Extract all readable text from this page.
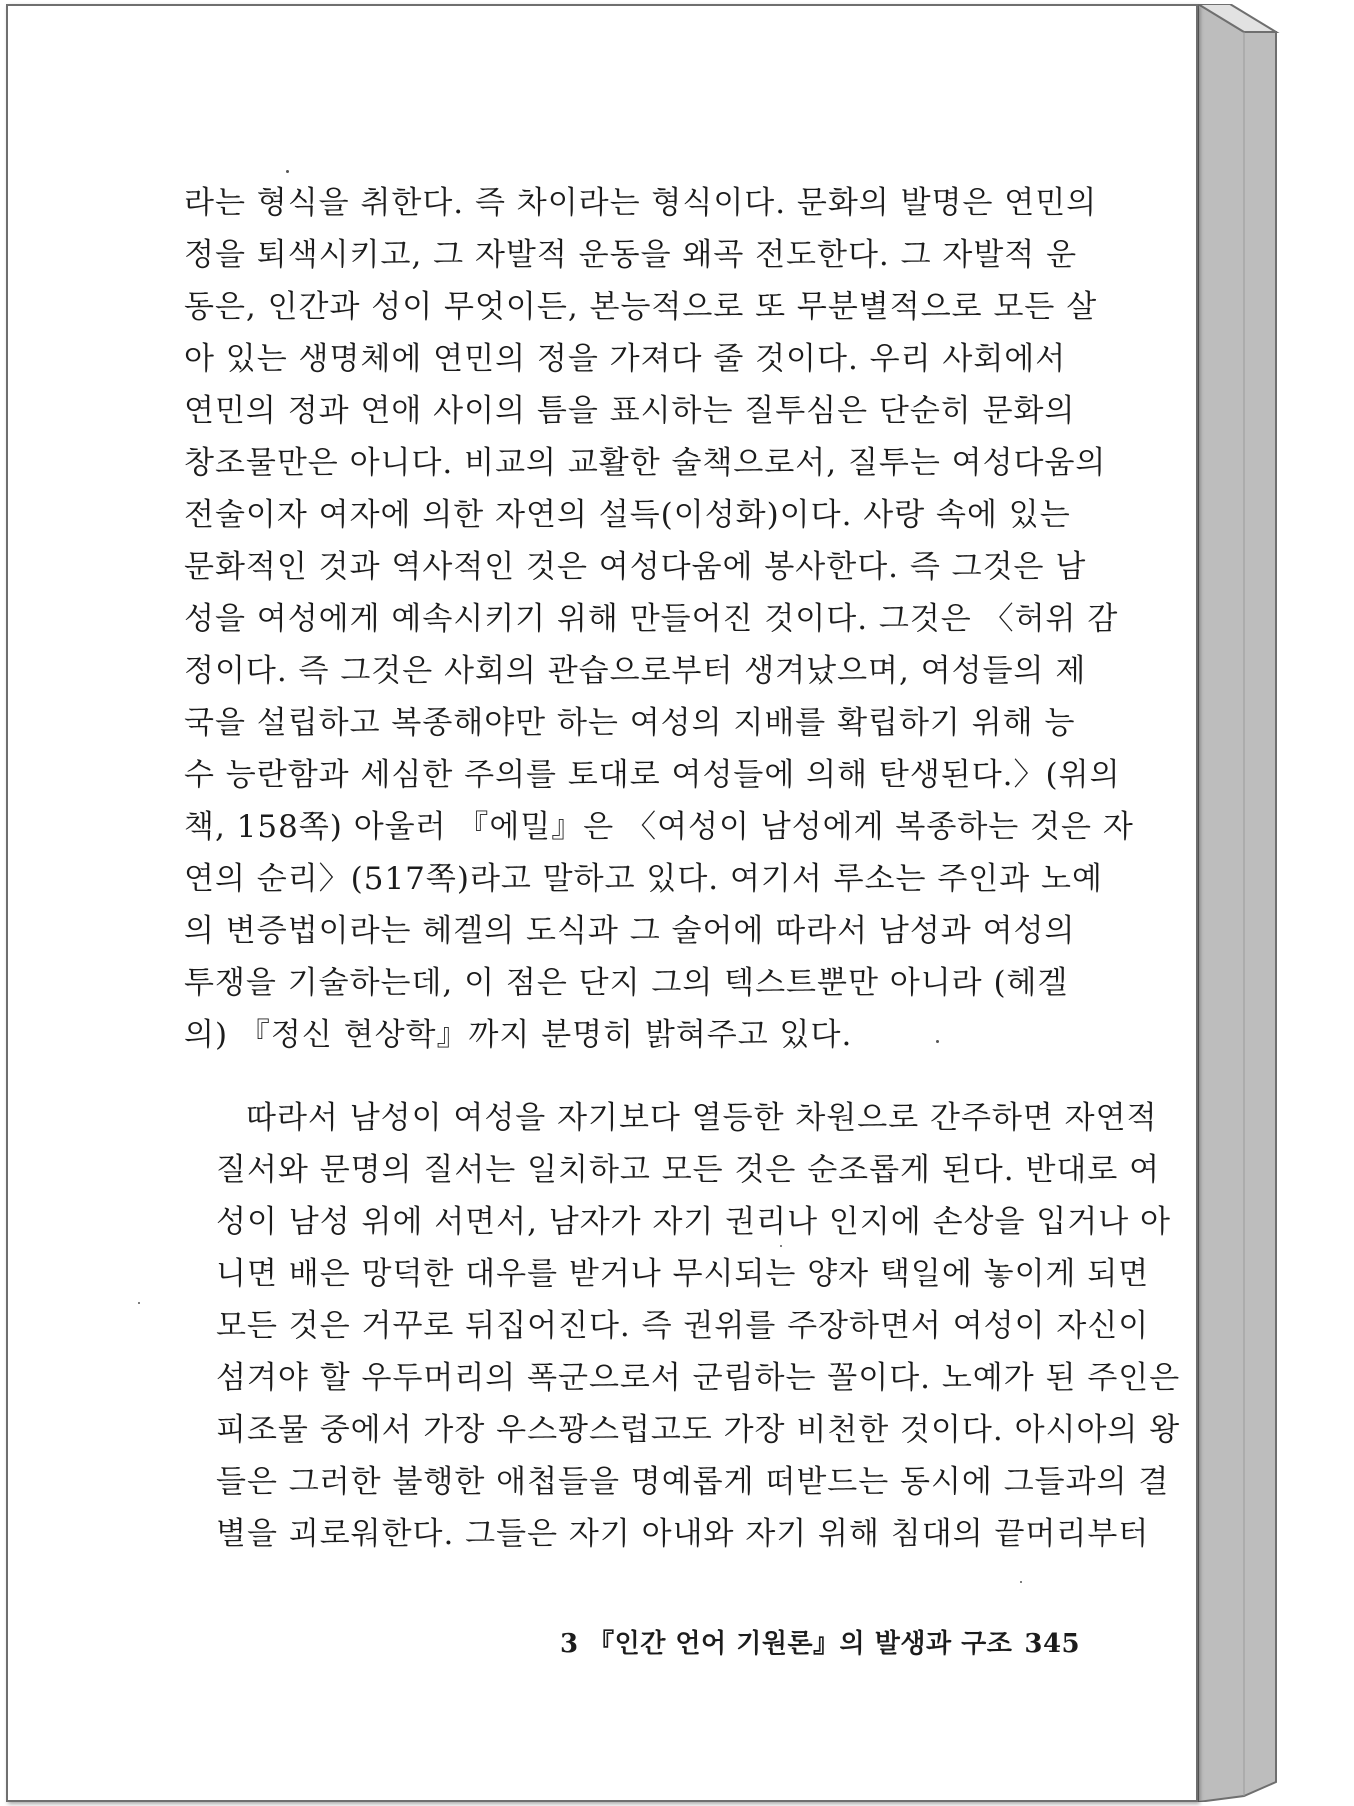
라는 형식을 취한다. 즉 차이라는 형식이다. 문화의 발명은 연민의
정을 퇴색시키고, 그 자발적 운동을 왜곡 전도한다. 그 자발적 운
동은, 인간과 성이 무엇이든, 본능적으로 또 무분별적으로 모든 살
아 있는 생명체에 연민의 정을 가져다 줄 것이다. 우리 사회에서
연민의 정과 연애 사이의 틈을 표시하는 질투심은 단순히 문화의
창조물만은 아니다. 비교의 교활한 술책으로서, 질투는 여성다움의
전술이자 여자에 의한 자연의 설득(이성화)이다. 사랑 속에 있는
문화적인 것과 역사적인 것은 여성다움에 봉사한다. 즉 그것은 남
성을 여성에게 예속시키기 위해 만들어진 것이다. 그것은 〈허위 감
정이다. 즉 그것은 사회의 관습으로부터 생겨났으며, 여성들의 제
국을 설립하고 복종해야만 하는 여성의 지배를 확립하기 위해 능
수 능란함과 세심한 주의를 토대로 여성들에 의해 탄생된다.〉(위의
책, 158쪽) 아울러 『에밀』은 〈여성이 남성에게 복종하는 것은 자
연의 순리〉(517쪽)라고 말하고 있다. 여기서 루소는 주인과 노예
의 변증법이라는 헤겔의 도식과 그 술어에 따라서 남성과 여성의
투쟁을 기술하는데, 이 점은 단지 그의 텍스트뿐만 아니라 (헤겔
의) 『정신 현상학』까지 분명히 밝혀주고 있다.
따라서 남성이 여성을 자기보다 열등한 차원으로 간주하면 자연적
질서와 문명의 질서는 일치하고 모든 것은 순조롭게 된다. 반대로 여
성이 남성 위에 서면서, 남자가 자기 권리나 인지에 손상을 입거나 아
니면 배은 망덕한 대우를 받거나 무시되는 양자 택일에 놓이게 되면
모든 것은 거꾸로 뒤집어진다. 즉 권위를 주장하면서 여성이 자신이
섬겨야 할 우두머리의 폭군으로서 군림하는 꼴이다. 노예가 된 주인은
피조물 중에서 가장 우스꽝스럽고도 가장 비천한 것이다. 아시아의 왕
들은 그러한 불행한 애첩들을 명예롭게 떠받드는 동시에 그들과의 결
별을 괴로워한다. 그들은 자기 아내와 자기 위해 침대의 끝머리부터
3 『인간 언어 기원론』의 발생과 구조 345
